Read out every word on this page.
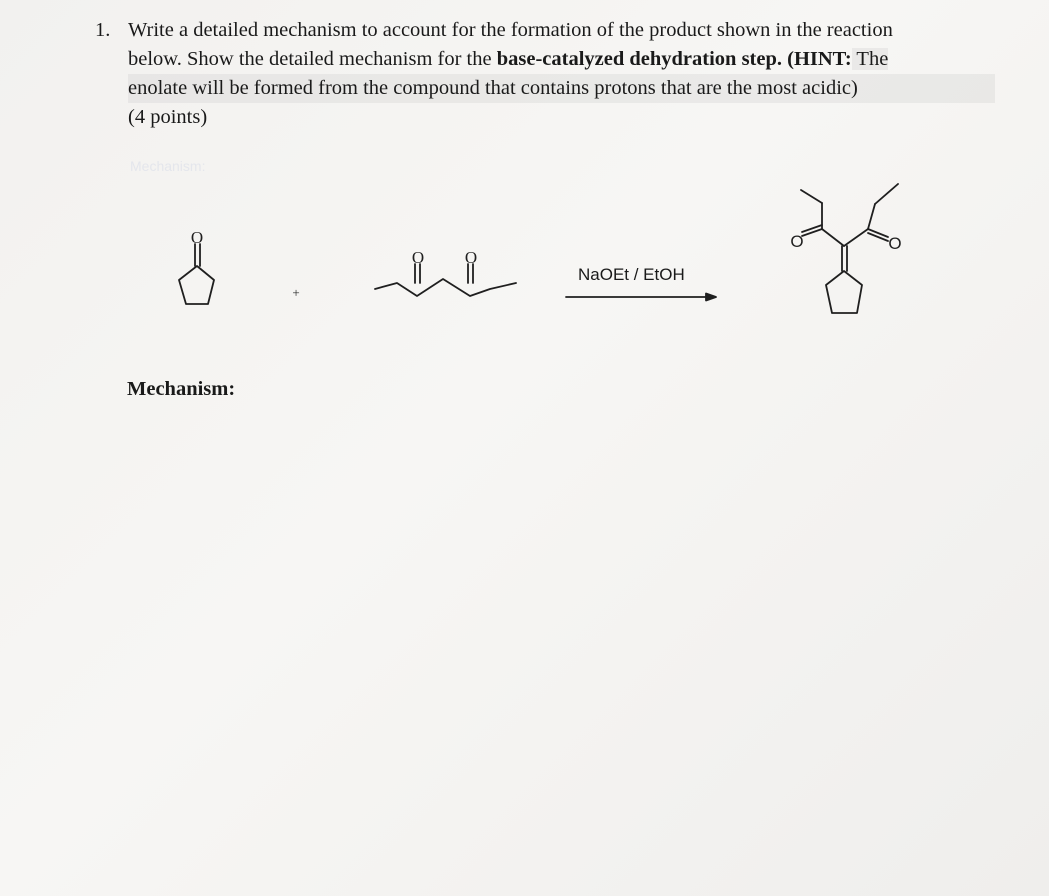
1. Write a detailed mechanism to account for the formation of the product shown in the reaction
below. Show the detailed mechanism for the base-catalyzed dehydration step. (HINT: The
enolate will be formed from the compound that contains protons that are the most acidic)
(4 points)
Mechanism:
O
O O
+
O	O
NaOEt / EtOH
Mechanism:
